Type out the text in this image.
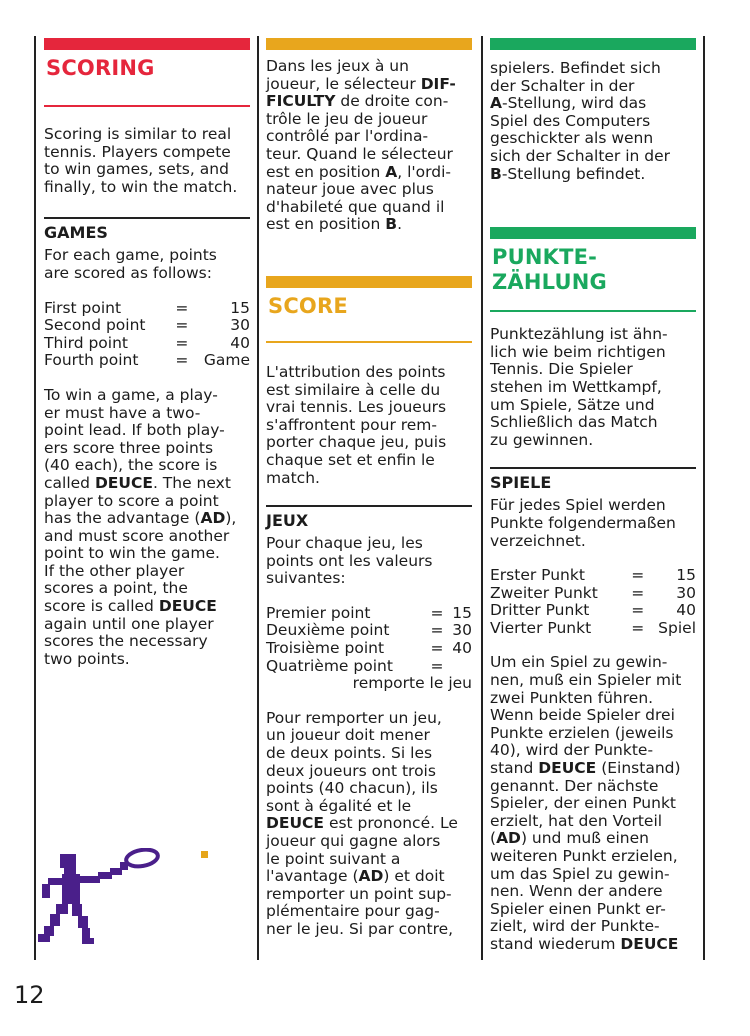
SCORING
Scoring is similar to real
tennis. Players compete
to win games, sets, and
finally, to win the match.
GAMES
For each game, points
are scored as follows:
First point	=	15
Second point	=	30
Third point	=	40
Fourth point	=	Game
To win a game, a play-
er must have a two-
point lead. If both play-
ers score three points
(40 each), the score is
called DEUCE. The next
player to score a point
has the advantage (AD),
and must score another
point to win the game.
If the other player
scores a point, the
score is called DEUCE
again until one player
scores the necessary
two points.
Dans les jeux à un
joueur, le sélecteur DIF-
FICULTY de droite con-
trôle le jeu de joueur
contrôlé par l'ordina-
teur. Quand le sélecteur
est en position A, l'ordi-
nateur joue avec plus
d'habileté que quand il
est en position B.
SCORE
L'attribution des points
est similaire à celle du
vrai tennis. Les joueurs
s'affrontent pour rem-
porter chaque jeu, puis
chaque set et enfin le
match.
JEUX
Pour chaque jeu, les
points ont les valeurs
suivantes:
Premier point	=	15
Deuxième point	=	30
Troisième point	=	40
Quatrième point	=	
remporte le jeu		
Pour remporter un jeu,
un joueur doit mener
de deux points. Si les
deux joueurs ont trois
points (40 chacun), ils
sont à égalité et le
DEUCE est prononcé. Le
joueur qui gagne alors
le point suivant a
l'avantage (AD) et doit
remporter un point sup-
plémentaire pour gag-
ner le jeu. Si par contre,
spielers. Befindet sich
der Schalter in der
A-Stellung, wird das
Spiel des Computers
geschickter als wenn
sich der Schalter in der
B-Stellung befindet.
PUNKTE-
ZÄHLUNG
Punktezählung ist ähn-
lich wie beim richtigen
Tennis. Die Spieler
stehen im Wettkampf,
um Spiele, Sätze und
Schließlich das Match
zu gewinnen.
SPIELE
Für jedes Spiel werden
Punkte folgendermaßen
verzeichnet.
Erster Punkt	=	15
Zweiter Punkt	=	30
Dritter Punkt	=	40
Vierter Punkt	=	Spiel
Um ein Spiel zu gewin-
nen, muß ein Spieler mit
zwei Punkten führen.
Wenn beide Spieler drei
Punkte erzielen (jeweils
40), wird der Punkte-
stand DEUCE (Einstand)
genannt. Der nächste
Spieler, der einen Punkt
erzielt, hat den Vorteil
(AD) und muß einen
weiteren Punkt erzielen,
um das Spiel zu gewin-
nen. Wenn der andere
Spieler einen Punkt er-
zielt, wird der Punkte-
stand wiederum DEUCE
12
